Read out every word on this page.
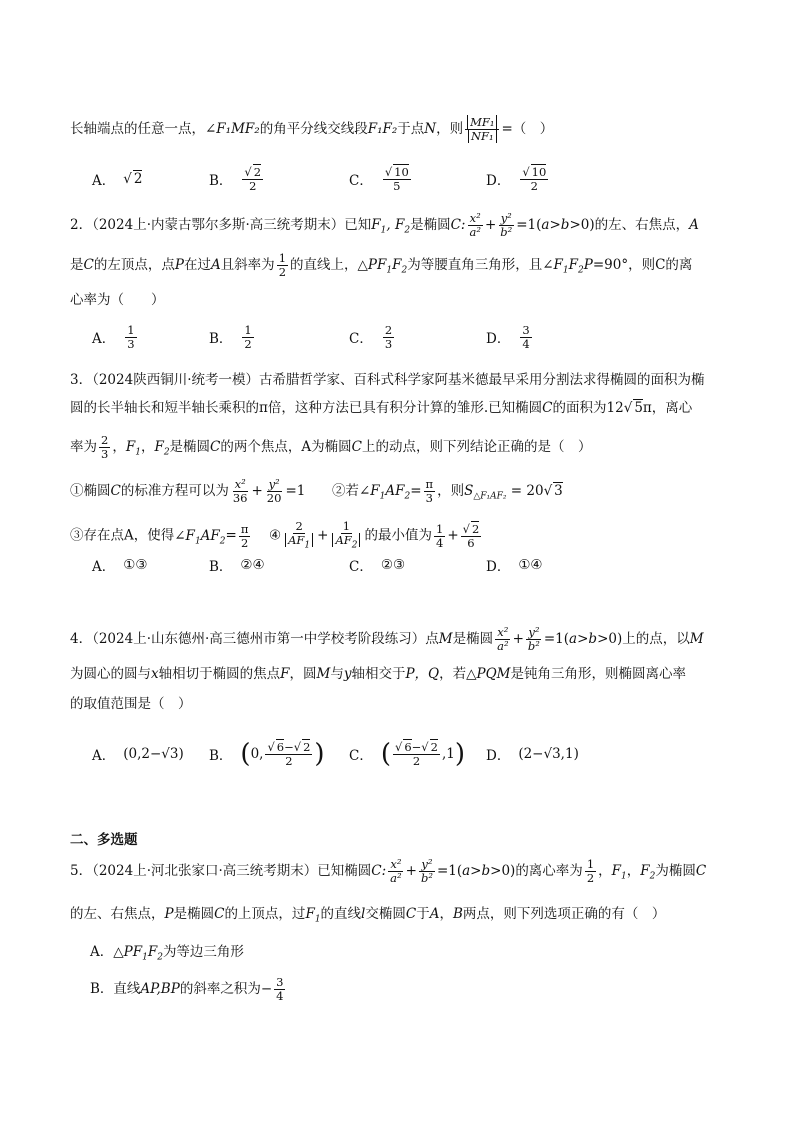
长轴端点的任意一点，∠F₁MF₂的角平分线交线段F₁F₂于点N，则 $\frac{\text{MF₁}}{\text{NF₁}}$ =（　）
A． √ 2	B． $\frac{√ 2}{2}$	C． $\frac{√ 10}{5}$	D． $\frac{√ 10}{2}$
2．（2024上·内蒙古鄂尔多斯·高三统考期末）已知$F_1$, $F_2$是椭圆C: $\frac{\text{x²}}{\text{a²}} + \frac{\text{y²}}{\text{b²}} =1(a>b>0)$的左、右焦点，A
是C的左顶点，点P在过A且斜率为 $\frac{1}{2}$ 的直线上，$\triangle PF_1F_2$为等腰直角三角形，且$\angle F_1F_2P=90^\circ$，则C的离
心率为（　　）
A． $\frac{1}{3}$	B． $\frac{1}{2}$	C． $\frac{2}{3}$	D． $\frac{3}{4}$
3．（2024陕西铜川·统考一模）古希腊哲学家、百科式科学家阿基米德最早采用分割法求得椭圆的面积为椭
圆的长半轴长和短半轴长乘积的π倍，这种方法已具有积分计算的雏形.已知椭圆C的面积为12√ 5π，离心
率为 $\frac{2}{3}$ ，$F_1$，$F_2$是椭圆C的两个焦点，A为椭圆C上的动点，则下列结论正确的是（　）
①椭圆C的标准方程可以为 $\frac{\text{x²}}{36} + \frac{\text{y²}}{20} =1$  ②若$\angle F_1AF_2= \frac{\pi}{3}$ ，则$S_{\triangle F_1AF_2} = 20√$ 3
③存在点A，使得$\angle F_1AF_2= \frac{\pi}{2}$ ④ $\frac{2}{AF_1} + \frac{1}{AF_2}$ 的最小值为 $\frac{1}{4} + \frac{√ 2}{6}$
A． ①③	B． ②④	C． ②③	D． ①④
4．（2024上·山东德州·高三德州市第一中学校考阶段练习）点M是椭圆 $\frac{\text{x²}}{\text{a²}} + \frac{\text{y²}}{\text{b²}} =1(a>b>0)$上的点，以M
为圆心的圆与x轴相切于椭圆的焦点F，圆M与y轴相交于P，Q，若△PQM是钝角三角形，则椭圆离心率
的取值范围是（　）
A． (0,2−√3) B． ( 0, $\frac{√ 6-√ 2}{2}$ ) C． ( $\frac{√ 6-√ 2}{2} ,1$ ) D． (2−√3,1)
二、多选题
5．（2024上·河北张家口·高三统考期末）已知椭圆C: $\frac{\text{x²}}{\text{a²}} + \frac{\text{y²}}{\text{b²}} =1(a>b>0)$的离心率为 $\frac{1}{2}$ ，$F_1$，$F_2$为椭圆C
的左、右焦点，P是椭圆C的上顶点，过$F_1$的直线l交椭圆C于A，B两点，则下列选项正确的有（　）
A．$\triangle PF_1F_2$为等边三角形
B．直线AP,BP的斜率之积为− $\frac{3}{4}$
